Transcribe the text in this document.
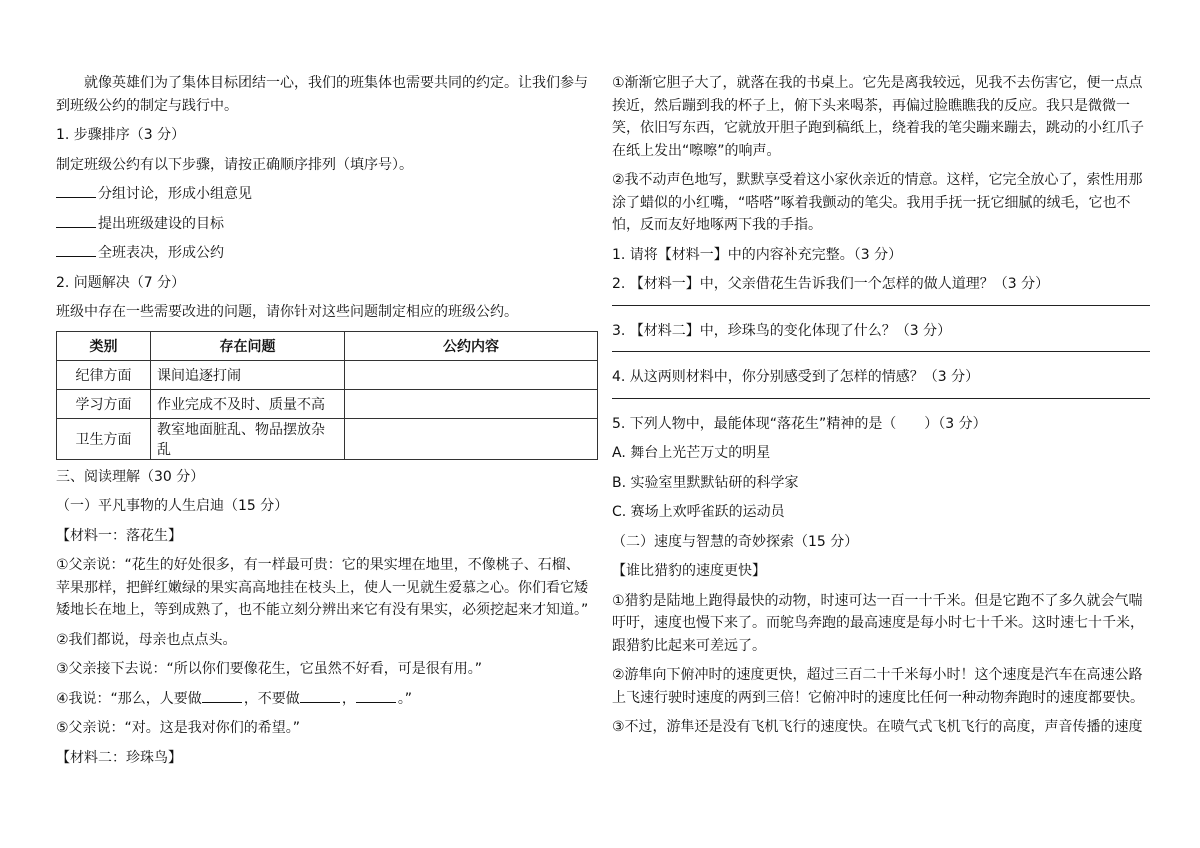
就像英雄们为了集体目标团结一心，我们的班集体也需要共同的约定。让我们参与到班级公约的制定与践行中。

1. 步骤排序（3 分）

制定班级公约有以下步骤，请按正确顺序排列（填序号）。

分组讨论，形成小组意见

提出班级建设的目标

全班表决，形成公约

2. 问题解决（7 分）

班级中存在一些需要改进的问题，请你针对这些问题制定相应的班级公约。

类别	存在问题	公约内容
纪律方面	课间追逐打闹	
学习方面	作业完成不及时、质量不高	
卫生方面	教室地面脏乱、物品摆放杂乱	

三、阅读理解（30 分）

（一）平凡事物的人生启迪（15 分）

【材料一：落花生】

①父亲说：“花生的好处很多，有一样最可贵：它的果实埋在地里，不像桃子、石榴、苹果那样，把鲜红嫩绿的果实高高地挂在枝头上，使人一见就生爱慕之心。你们看它矮矮地长在地上，等到成熟了，也不能立刻分辨出来它有没有果实，必须挖起来才知道。”

②我们都说，母亲也点点头。

③父亲接下去说：“所以你们要像花生，它虽然不好看，可是很有用。”

④我说：“那么，人要做	，不要做	，	。”

⑤父亲说：“对。这是我对你们的希望。”

【材料二：珍珠鸟】

①渐渐它胆子大了，就落在我的书桌上。它先是离我较远，见我不去伤害它，便一点点挨近，然后蹦到我的杯子上，俯下头来喝茶，再偏过脸瞧瞧我的反应。我只是微微一笑，依旧写东西，它就放开胆子跑到稿纸上，绕着我的笔尖蹦来蹦去，跳动的小红爪子在纸上发出“嚓嚓”的响声。

②我不动声色地写，默默享受着这小家伙亲近的情意。这样，它完全放心了，索性用那涂了蜡似的小红嘴，“嗒嗒”啄着我颤动的笔尖。我用手抚一抚它细腻的绒毛，它也不怕，反而友好地啄两下我的手指。

1. 请将【材料一】中的内容补充完整。（3 分）

2. 【材料一】中，父亲借花生告诉我们一个怎样的做人道理？（3 分）

3. 【材料二】中，珍珠鸟的变化体现了什么？（3 分）

4. 从这两则材料中，你分别感受到了怎样的情感？（3 分）

5. 下列人物中，最能体现“落花生”精神的是（　　）（3 分）

A. 舞台上光芒万丈的明星

B. 实验室里默默钻研的科学家

C. 赛场上欢呼雀跃的运动员

（二）速度与智慧的奇妙探索（15 分）

【谁比猎豹的速度更快】

①猎豹是陆地上跑得最快的动物，时速可达一百一十千米。但是它跑不了多久就会气喘吁吁，速度也慢下来了。而鸵鸟奔跑的最高速度是每小时七十千米。这时速七十千米，跟猎豹比起来可差远了。

②游隼向下俯冲时的速度更快，超过三百二十千米每小时！这个速度是汽车在高速公路上飞速行驶时速度的两到三倍！它俯冲时的速度比任何一种动物奔跑时的速度都要快。

③不过，游隼还是没有飞机飞行的速度快。在喷气式飞机飞行的高度，声音传播的速度
